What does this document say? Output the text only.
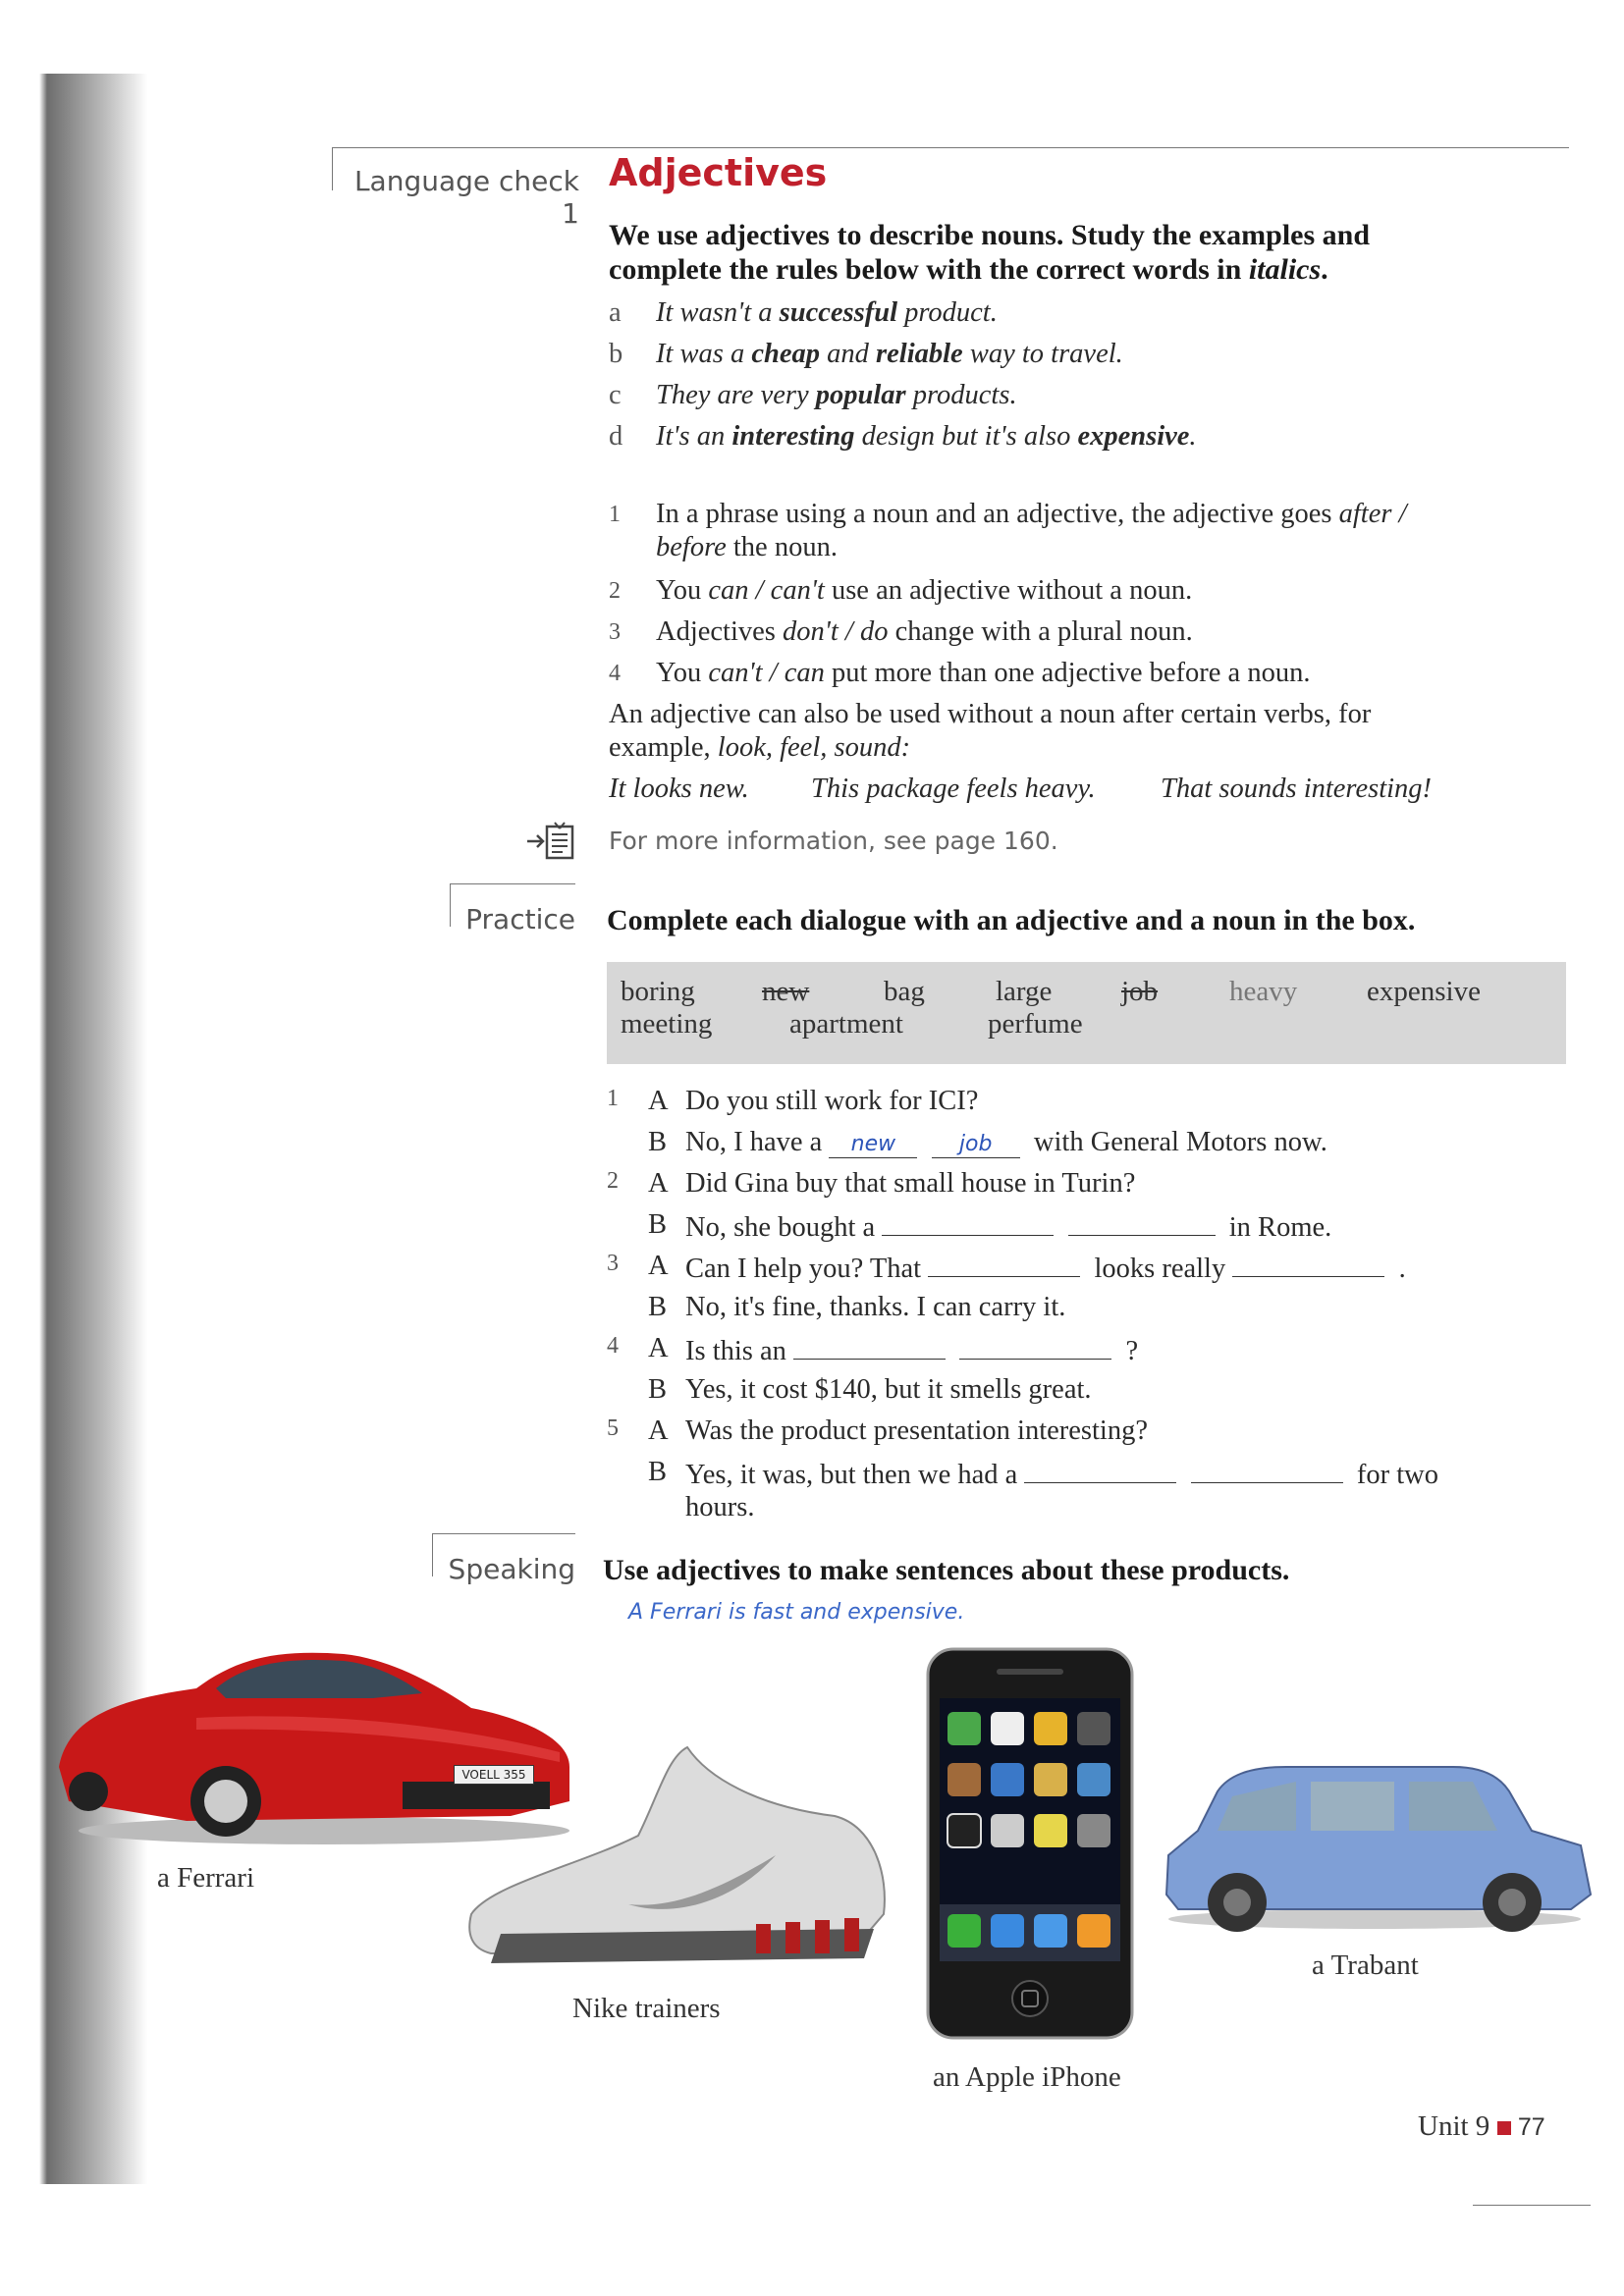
Language check 1
Adjectives
We use adjectives to describe nouns. Study the examples and
complete the rules below with the correct words in italics.
a	It wasn't a successful product.
b	It was a cheap and reliable way to travel.
c	They are very popular products.
d	It's an interesting design but it's also expensive.
1 In a phrase using a noun and an adjective, the adjective goes after /
before the noun.
2 You can / can't use an adjective without a noun.
3 Adjectives don't / do change with a plural noun.
4 You can't / can put more than one adjective before a noun.
An adjective can also be used without a noun after certain verbs, for
example, look, feel, sound:
It looks new. This package feels heavy. That sounds interesting!
For more information, see page 160.
Practice Complete each dialogue with an adjective and a noun in the box.
boring new	bag large job	heavy expensive
meeting	apartment	perfume
1 A Do you still work for ICI?
B No, I have a new	job with General Motors now.
2 A Did Gina buy that small house in Turin?
B No, she bought a	in Rome.
3 A Can I help you? That	looks really	.
B No, it's fine, thanks. I can carry it.
4 A Is this an	?
B Yes, it cost $140, but it smells great.
5 A Was the product presentation interesting?
B Yes, it was, but then we had a	for two
hours.
Speaking Use adjectives to make sentences about these products.
A Ferrari is fast and expensive.
VOELL 355
a Ferrari
Nike trainers
an Apple iPhone
a Trabant
Unit 9 77
